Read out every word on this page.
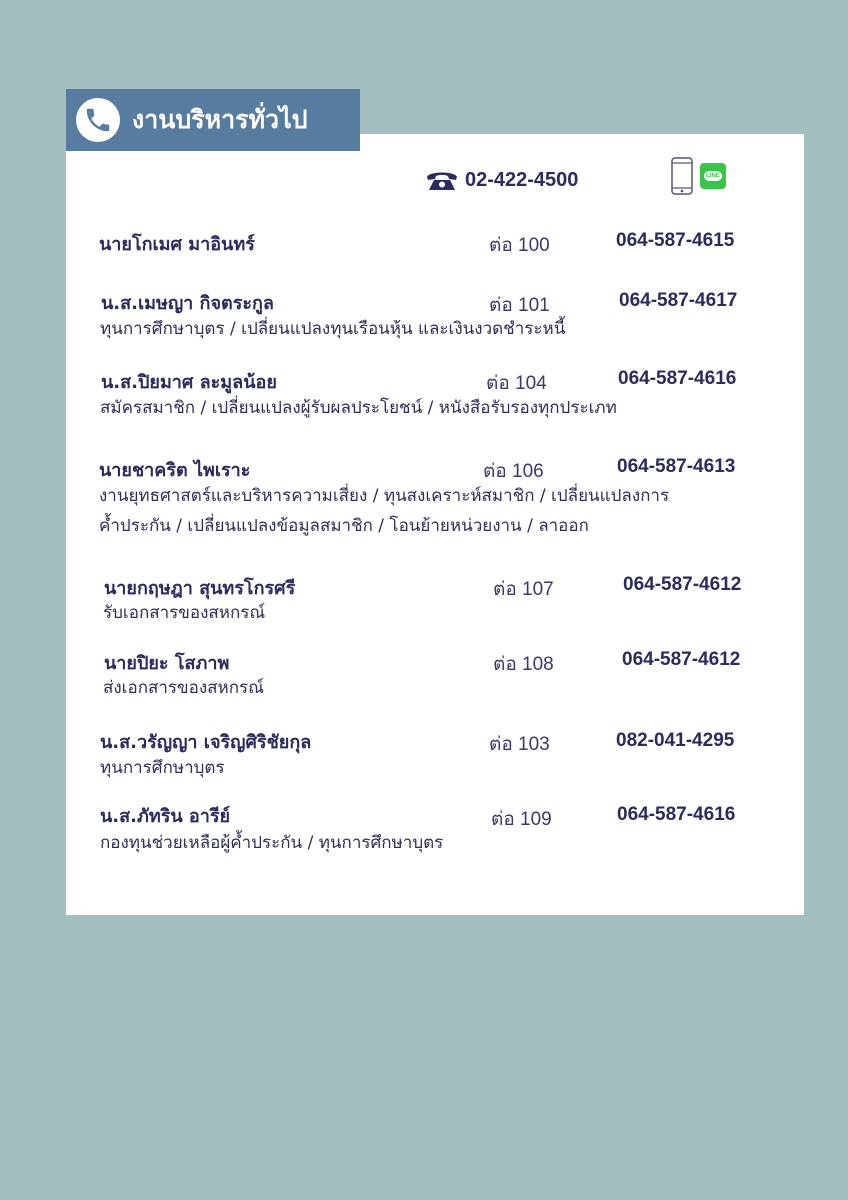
งานบริหารทั่วไป
02-422-4500	LINE
นายโกเมศ มาอินทร์	ต่อ 100	064-587-4615
น.ส.เมษญา กิจตระกูล	ต่อ 101	064-587-4617
ทุนการศึกษาบุตร / เปลี่ยนแปลงทุนเรือนหุ้น และเงินงวดชำระหนี้
น.ส.ปิยมาศ ละมูลน้อย	ต่อ 104	064-587-4616
สมัครสมาชิก / เปลี่ยนแปลงผู้รับผลประโยชน์ / หนังสือรับรองทุกประเภท
นายชาคริต ไพเราะ	ต่อ 106	064-587-4613
งานยุทธศาสตร์และบริหารความเสี่ยง / ทุนสงเคราะห์สมาชิก / เปลี่ยนแปลงการ
ค้ำประกัน / เปลี่ยนแปลงข้อมูลสมาชิก / โอนย้ายหน่วยงาน / ลาออก
นายกฤษฎา สุนทรโกรศรี	ต่อ 107	064-587-4612
รับเอกสารของสหกรณ์
นายปิยะ โสภาพ	ต่อ 108	064-587-4612
ส่งเอกสารของสหกรณ์
น.ส.วรัญญา เจริญศิริชัยกุล	ต่อ 103	082-041-4295
ทุนการศึกษาบุตร
น.ส.ภัทริน อารีย์	ต่อ 109	064-587-4616
กองทุนช่วยเหลือผู้ค้ำประกัน / ทุนการศึกษาบุตร
